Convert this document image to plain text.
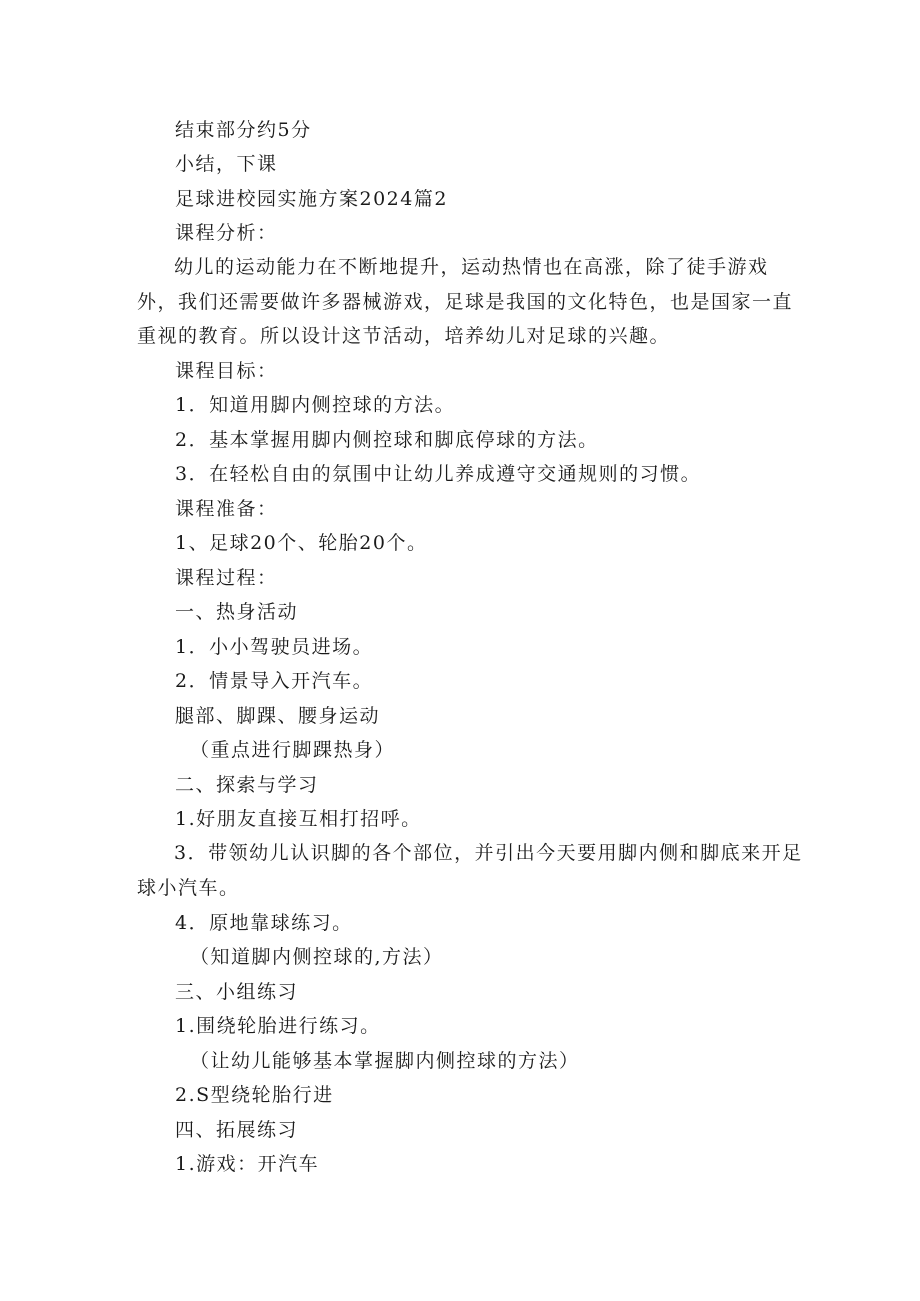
结束部分约5分
小结，下课
足球进校园实施方案2024篇2
课程分析：

幼儿的运动能力在不断地提升，运动热情也在高涨，除了徒手游戏外，我们还需要做许多器械游戏，足球是我国的文化特色，也是国家一直重视的教育。所以设计这节活动，培养幼儿对足球的兴趣。

课程目标：
1．知道用脚内侧控球的方法。
2．基本掌握用脚内侧控球和脚底停球的方法。
3．在轻松自由的氛围中让幼儿养成遵守交通规则的习惯。
课程准备：
1、足球20个、轮胎20个。
课程过程：
一、热身活动
1．小小驾驶员进场。
2．情景导入开汽车。
腿部、脚踝、腰身运动
（重点进行脚踝热身）
二、探索与学习
1.好朋友直接互相打招呼。

3．带领幼儿认识脚的各个部位，并引出今天要用脚内侧和脚底来开足球小汽车。

4．原地靠球练习。
（知道脚内侧控球的,方法）
三、小组练习
1.围绕轮胎进行练习。
（让幼儿能够基本掌握脚内侧控球的方法）
2.S型绕轮胎行进
四、拓展练习
1.游戏：开汽车
